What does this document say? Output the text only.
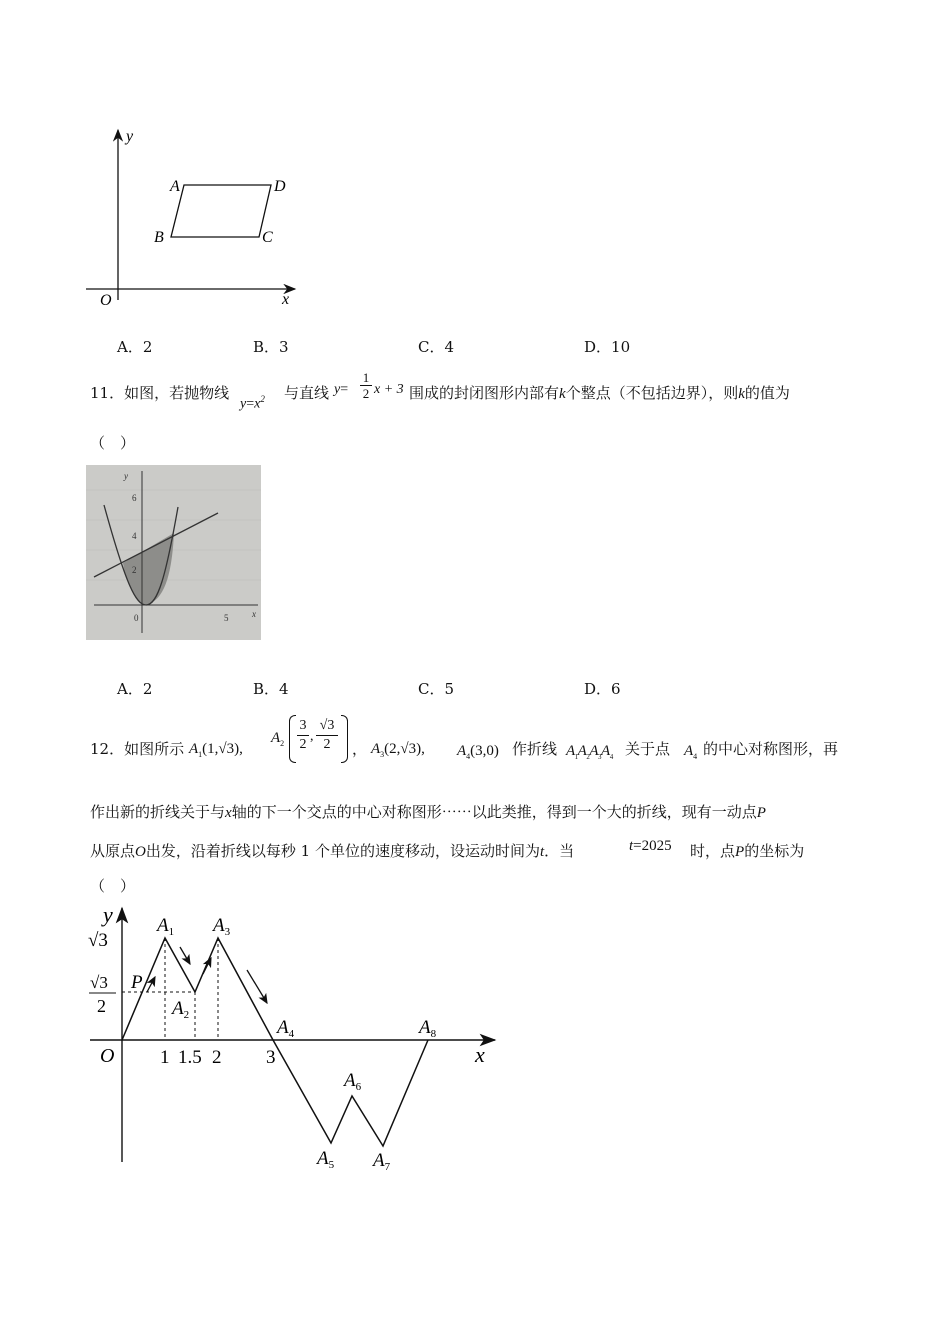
y
x
O
A	D
B	C
A．2	B．3	C．4	D．10
11．如图，若抛物线
$y=x^2$ 与直线 $y= \frac{1}{2}$ x + 3 围成的封闭图形内部有k个整点（不包括边界），则k的值为
（　）
y
6
4
2
0	5	x
A．2	B．4	C．5	D．6
12．如图所示 $A_1(1,√3)$,
$A_2 \frac{3}{2}$ , $\frac{√3}{2}$ ， $A_3(2,√3)$, $A_4(3,0)$ 作折线 $A_1A_2A_3A_4$ 关于点 $A_4$ 的中心对称图形，再
作出新的折线关于与x轴的下一个交点的中心对称图形⋯⋯以此类推，得到一个大的折线，现有一动点P
从原点O出发，沿着折线以每秒 1 个单位的速度移动，设运动时间为t．当	t=2025 时，点P的坐标为
（　）
y
x
O
√3
√3
2
P
$A_1$
$A_2$
$A_3$
$A_4$
$A_5$
$A_6$
$A_7$
$A_8$
1 1.5 2 3
